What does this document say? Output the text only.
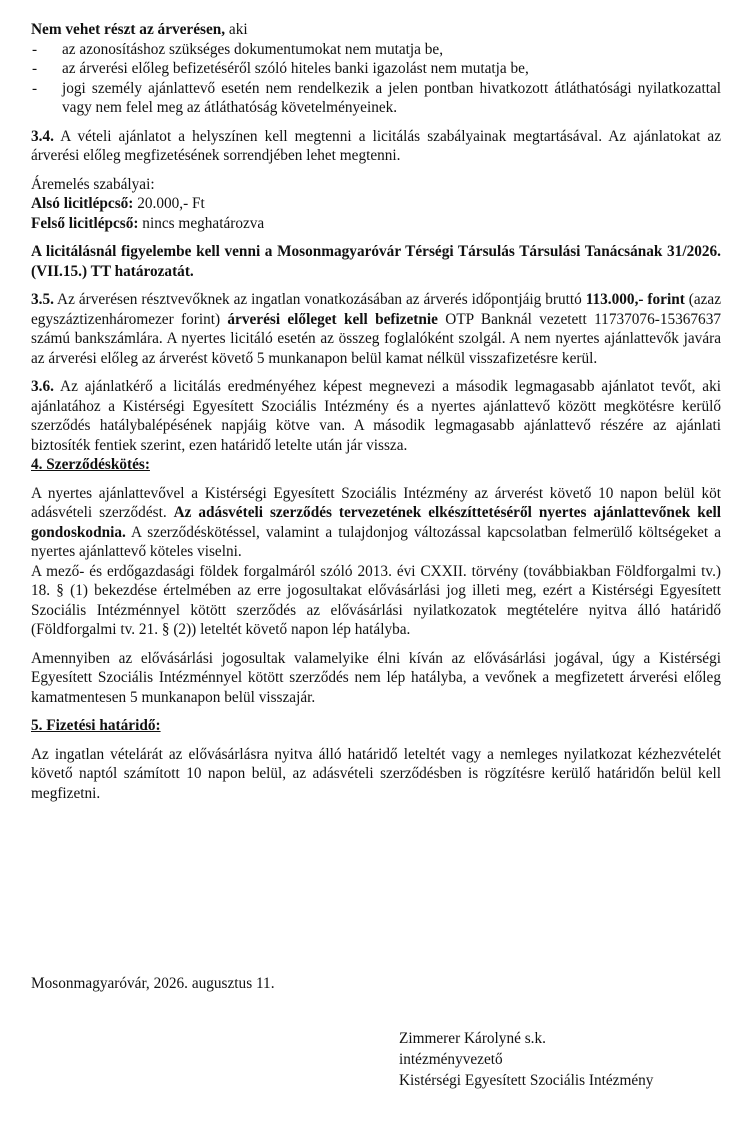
Nem vehet részt az árverésen, aki

- az azonosításhoz szükséges dokumentumokat nem mutatja be,
- az árverési előleg befizetéséről szóló hiteles banki igazolást nem mutatja be,
- jogi személy ajánlattevő esetén nem rendelkezik a jelen pontban hivatkozott átláthatósági nyilatkozattal vagy nem felel meg az átláthatóság követelményeinek.

3.4. A vételi ajánlatot a helyszínen kell megtenni a licitálás szabályainak megtartásával. Az ajánlatokat az árverési előleg megfizetésének sorrendjében lehet megtenni.

Áremelés szabályai:

Alsó licitlépcső: 20.000,- Ft

Felső licitlépcső: nincs meghatározva

A licitálásnál figyelembe kell venni a Mosonmagyaróvár Térségi Társulás Társulási Tanácsának 31/2026. (VII.15.) TT határozatát.

3.5. Az árverésen résztvevőknek az ingatlan vonatkozásában az árverés időpontjáig bruttó 113.000,- forint (azaz egyszáztizenháromezer forint) árverési előleget kell befizetnie OTP Banknál vezetett 11737076-15367637 számú bankszámlára. A nyertes licitáló esetén az összeg foglalóként szolgál. A nem nyertes ajánlattevők javára az árverési előleg az árverést követő 5 munkanapon belül kamat nélkül visszafizetésre kerül.

3.6. Az ajánlatkérő a licitálás eredményéhez képest megnevezi a második legmagasabb ajánlatot tevőt, aki ajánlatához a Kistérségi Egyesített Szociális Intézmény és a nyertes ajánlattevő között megkötésre kerülő szerződés hatálybalépésének napjáig kötve van. A második legmagasabb ajánlattevő részére az ajánlati biztosíték fentiek szerint, ezen határidő letelte után jár vissza.

4. Szerződéskötés:

A nyertes ajánlattevővel a Kistérségi Egyesített Szociális Intézmény az árverést követő 10 napon belül köt adásvételi szerződést. Az adásvételi szerződés tervezetének elkészíttetéséről nyertes ajánlattevőnek kell gondoskodnia. A szerződéskötéssel, valamint a tulajdonjog változással kapcsolatban felmerülő költségeket a nyertes ajánlattevő köteles viselni.

A mező- és erdőgazdasági földek forgalmáról szóló 2013. évi CXXII. törvény (továbbiakban Földforgalmi tv.) 18. § (1) bekezdése értelmében az erre jogosultakat elővásárlási jog illeti meg, ezért a Kistérségi Egyesített Szociális Intézménnyel kötött szerződés az elővásárlási nyilatkozatok megtételére nyitva álló határidő (Földforgalmi tv. 21. § (2)) leteltét követő napon lép hatályba.

Amennyiben az elővásárlási jogosultak valamelyike élni kíván az elővásárlási jogával, úgy a Kistérségi Egyesített Szociális Intézménnyel kötött szerződés nem lép hatályba, a vevőnek a megfizetett árverési előleg kamatmentesen 5 munkanapon belül visszajár.

5. Fizetési határidő:

Az ingatlan vételárát az elővásárlásra nyitva álló határidő leteltét vagy a nemleges nyilatkozat kézhezvételét követő naptól számított 10 napon belül, az adásvételi szerződésben is rögzítésre kerülő határidőn belül kell megfizetni.

Mosonmagyaróvár, 2026. augusztus 11.

Zimmerer Károlyné s.k.

intézményvezető

Kistérségi Egyesített Szociális Intézmény
